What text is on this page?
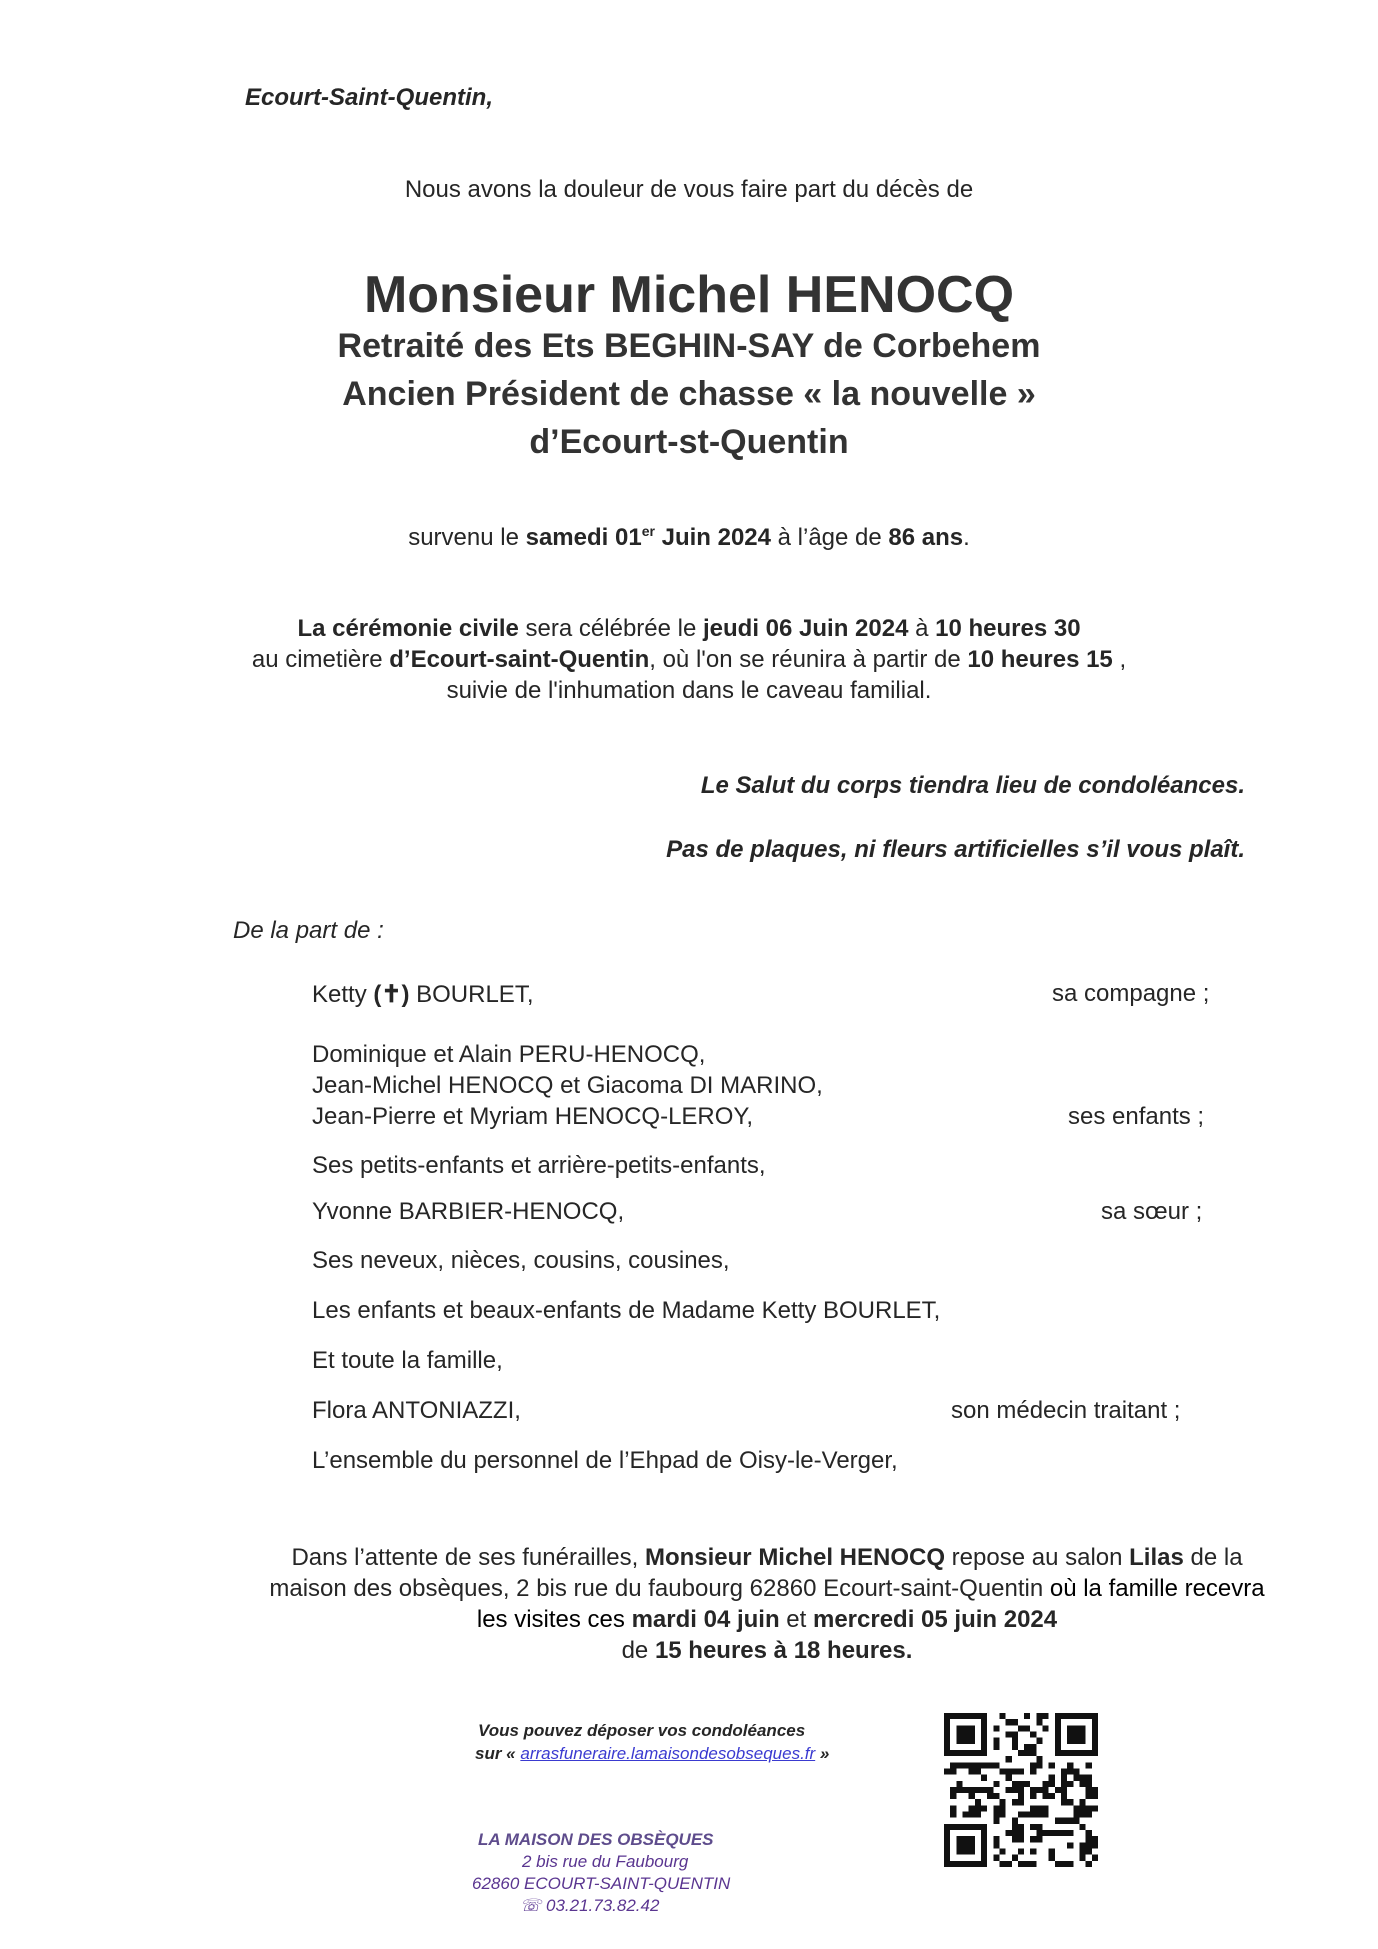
Ecourt-Saint-Quentin,
Nous avons la douleur de vous faire part du décès de
Monsieur Michel HENOCQ
Retraité des Ets BEGHIN-SAY de Corbehem
Ancien Président de chasse « la nouvelle »
d’Ecourt-st-Quentin
survenu le samedi 01er Juin 2024 à l’âge de 86 ans.
La cérémonie civile sera célébrée le jeudi 06 Juin 2024 à 10 heures 30
au cimetière d’Ecourt-saint-Quentin, où l'on se réunira à partir de 10 heures 15 ,
suivie de l'inhumation dans le caveau familial.
Le Salut du corps tiendra lieu de condoléances.
Pas de plaques, ni fleurs artificielles s’il vous plaît.
De la part de :
Ketty (✝) BOURLET,	sa compagne ;
Dominique et Alain PERU-HENOCQ,
Jean-Michel HENOCQ et Giacoma DI MARINO,
Jean-Pierre et Myriam HENOCQ-LEROY,	ses enfants ;
Ses petits-enfants et arrière-petits-enfants,
Yvonne BARBIER-HENOCQ,	sa sœur ;
Ses neveux, nièces, cousins, cousines,
Les enfants et beaux-enfants de Madame Ketty BOURLET,
Et toute la famille,
Flora ANTONIAZZI,	son médecin traitant ;
L’ensemble du personnel de l’Ehpad de Oisy-le-Verger,
Dans l’attente de ses funérailles, Monsieur Michel HENOCQ repose au salon Lilas de la maison des obsèques, 2 bis rue du faubourg 62860 Ecourt-saint-Quentin où la famille recevra les visites ces mardi 04 juin et mercredi 05 juin 2024
de 15 heures à 18 heures.
Vous pouvez déposer vos condoléances
sur « arrasfuneraire.lamaisondesobseques.fr »
LA MAISON DES OBSÈQUES
2 bis rue du Faubourg
62860 ECOURT-SAINT-QUENTIN
☏ 03.21.73.82.42
